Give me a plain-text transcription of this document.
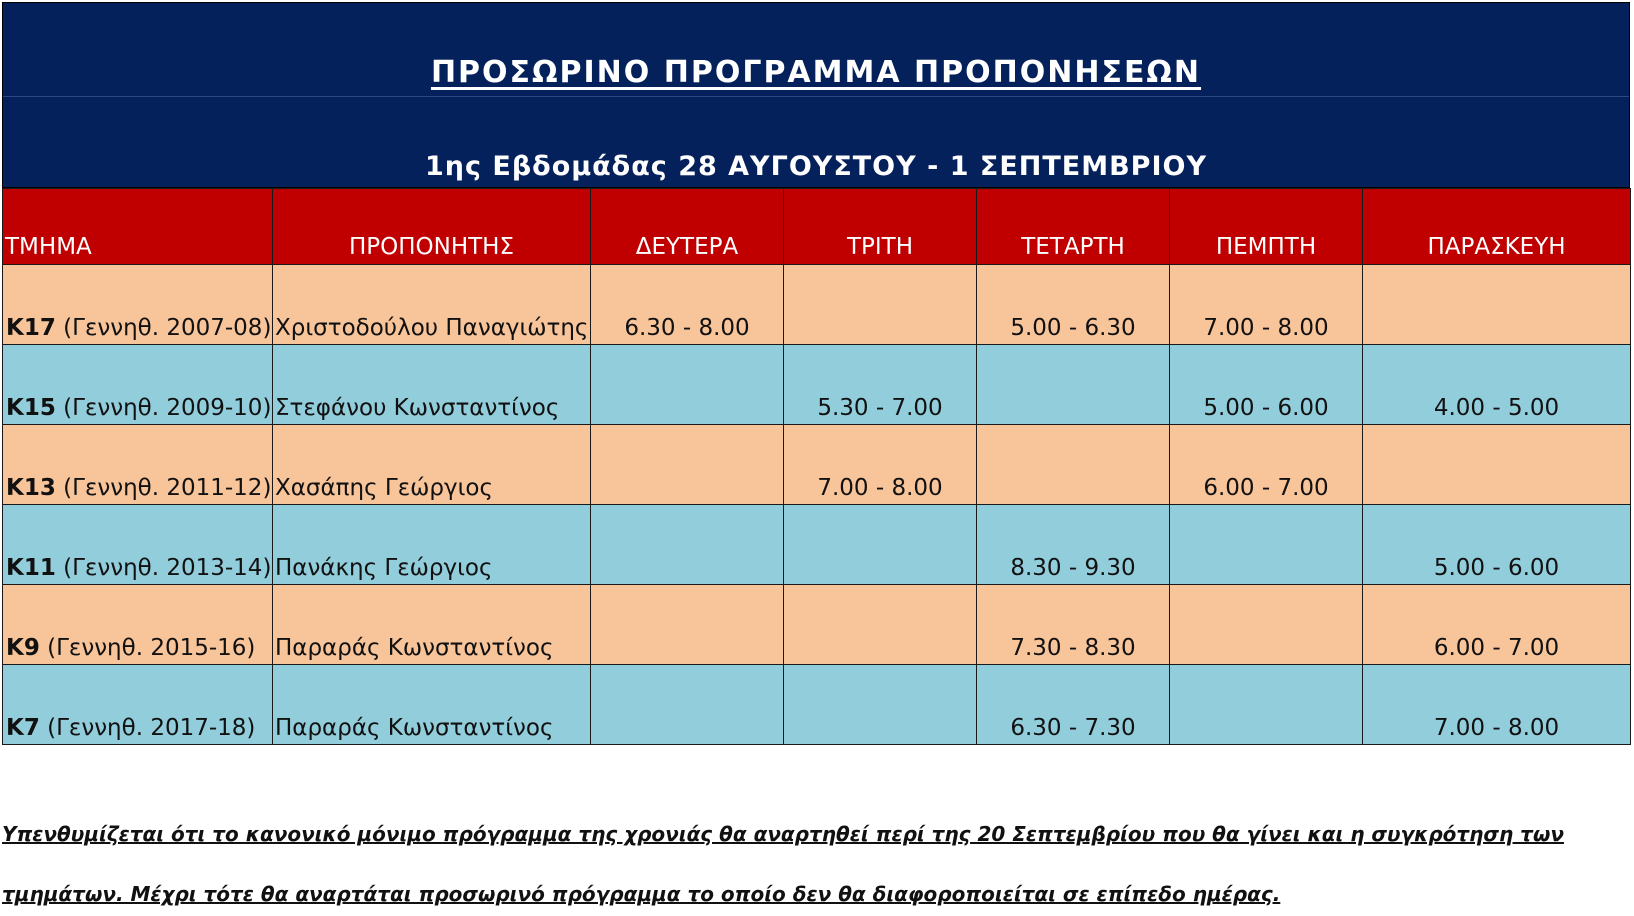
ΠΡΟΣΩΡΙΝΟ ΠΡΟΓΡΑΜΜΑ ΠΡΟΠΟΝΗΣΕΩΝ
1ης Εβδομάδας 28 ΑΥΓΟΥΣΤΟΥ - 1 ΣΕΠΤΕΜΒΡΙΟΥ
ΤΜΗΜΑ	ΠΡΟΠΟΝΗΤΗΣ	ΔΕΥΤΕΡΑ	ΤΡΙΤΗ	ΤΕΤΑΡΤΗ	ΠΕΜΠΤΗ	ΠΑΡΑΣΚΕΥΗ
Κ17 (Γεννηθ. 2007-08)	Χριστοδούλου Παναγιώτης	6.30 - 8.00		5.00 - 6.30	7.00 - 8.00	
Κ15 (Γεννηθ. 2009-10)	Στεφάνου Κωνσταντίνος		5.30 - 7.00		5.00 - 6.00	4.00 - 5.00
Κ13 (Γεννηθ. 2011-12)	Χασάπης Γεώργιος		7.00 - 8.00		6.00 - 7.00	
Κ11 (Γεννηθ. 2013-14)	Πανάκης Γεώργιος			8.30 - 9.30		5.00 - 6.00
Κ9 (Γεννηθ. 2015-16)	Παραράς Κωνσταντίνος			7.30 - 8.30		6.00 - 7.00
Κ7 (Γεννηθ. 2017-18)	Παραράς Κωνσταντίνος			6.30 - 7.30		7.00 - 8.00
Υπενθυμίζεται ότι το κανονικό μόνιμο πρόγραμμα της χρονιάς θα αναρτηθεί περί της 20 Σεπτεμβρίου που θα γίνει και η συγκρότηση των
τμημάτων. Μέχρι τότε θα αναρτάται προσωρινό πρόγραμμα το οποίο δεν θα διαφοροποιείται σε επίπεδο ημέρας.
